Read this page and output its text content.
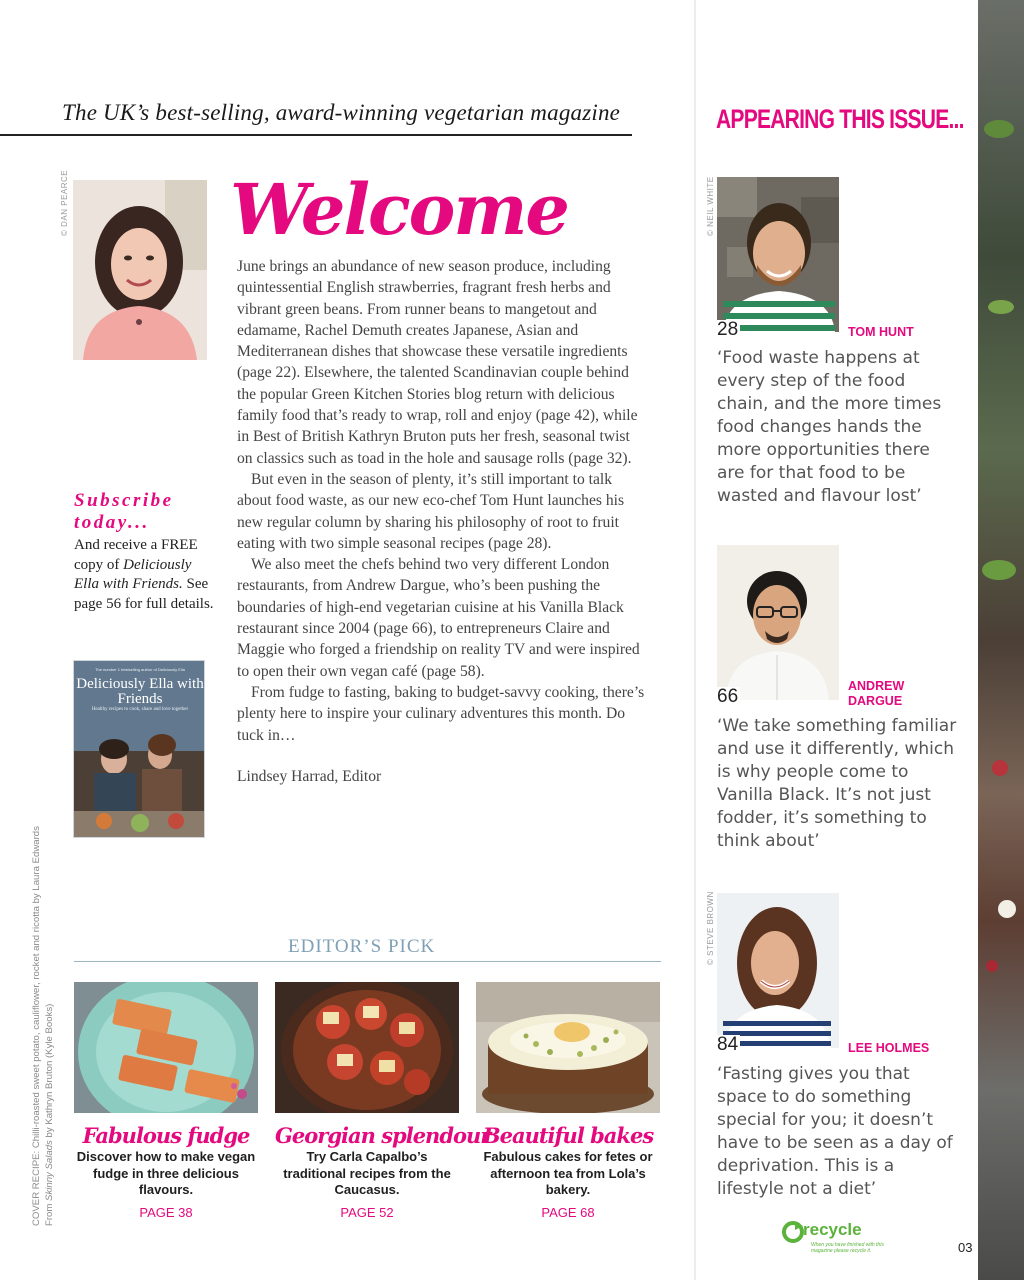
The UK’s best-selling, award-winning vegetarian magazine
© DAN PEARCE Welcome

June brings an abundance of new season produce, including quintessential English strawberries, fragrant fresh herbs and vibrant green beans. From runner beans to mangetout and edamame, Rachel Demuth creates Japanese, Asian and Mediterranean dishes that showcase these versatile ingredients (page 22). Elsewhere, the talented Scandinavian couple behind the popular Green Kitchen Stories blog return with delicious family food that’s ready to wrap, roll and enjoy (page 42), while in Best of British Kathryn Bruton puts her fresh, seasonal twist on classics such as toad in the hole and sausage rolls (page 32).

But even in the season of plenty, it’s still important to talk about food waste, as our new eco-chef Tom Hunt launches his new regular column by sharing his philosophy of root to fruit eating with two simple seasonal recipes (page 28).

We also meet the chefs behind two very different London restaurants, from Andrew Dargue, who’s been pushing the boundaries of high-end vegetarian cuisine at his Vanilla Black restaurant since 2004 (page 66), to entrepreneurs Claire and Maggie who forged a friendship on reality TV and were inspired to open their own vegan café (page 58).

From fudge to fasting, baking to budget-savvy cooking, there’s plenty here to inspire your culinary adventures this month. Do tuck in…

Lindsey Harrad, Editor

Subscribe today...
And receive a FREE copy of Deliciously Ella with Friends. See page 56 for full details.
The number 1 bestselling author of Deliciously Ella
Deliciously Ella with Friends
Healthy recipes to cook, share and love together
COVER RECIPE: Chilli-roasted sweet potato, cauliflower, rocket and ricotta by Laura Edwards From Skinny Salads by Kathryn Bruton (Kyle Books)
EDITOR’S PICK
Fabulous fudge
Discover how to make vegan fudge in three delicious flavours.
PAGE 38
Georgian splendour
Try Carla Capalbo’s traditional recipes from the Caucasus.
PAGE 52
Beautiful bakes
Fabulous cakes for fetes or afternoon tea from Lola’s bakery.
PAGE 68
APPEARING THIS ISSUE...
© NEIL WHITE
28	TOM HUNT
‘Food waste happens at every step of the food chain, and the more times food changes hands the more opportunities there are for that food to be wasted and flavour lost’
66	ANDREW DARGUE
‘We take something familiar and use it differently, which is why people come to Vanilla Black. It’s not just fodder, it’s something to think about’
© STEVE BROWN
84	LEE HOLMES
‘Fasting gives you that space to do something special for you; it doesn’t have to be seen as a day of deprivation. This is a lifestyle not a diet’
recycle
When you have finished with this magazine please recycle it.	03
